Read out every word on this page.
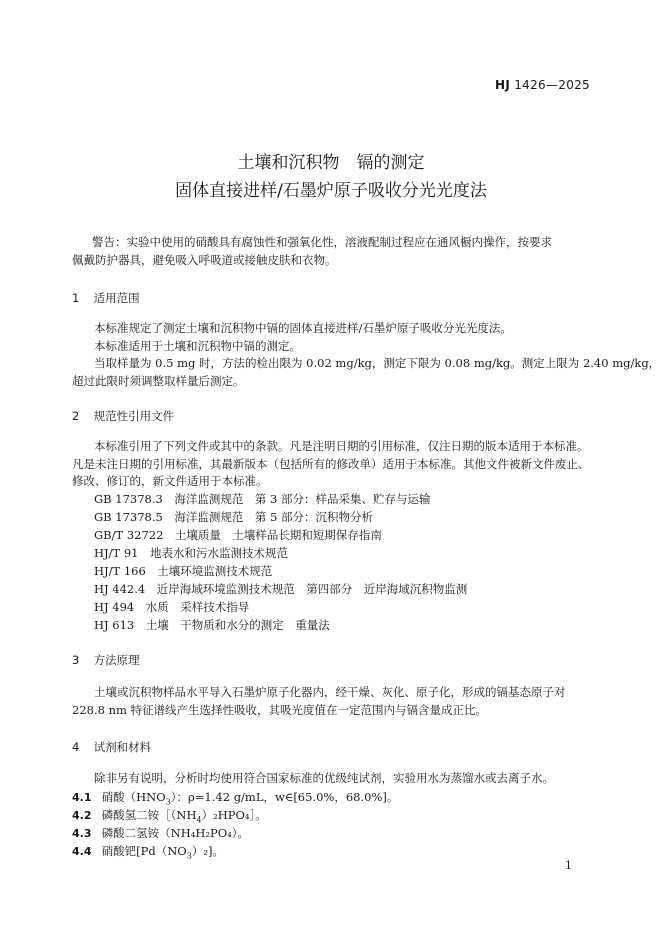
HJ 1426—2025
土壤和沉积物　镉的测定
固体直接进样/石墨炉原子吸收分光光度法
警告：实验中使用的硝酸具有腐蚀性和强氧化性，溶液配制过程应在通风橱内操作，按要求
佩戴防护器具，避免吸入呼吸道或接触皮肤和衣物。
1 适用范围
本标准规定了测定土壤和沉积物中镉的固体直接进样/石墨炉原子吸收分光光度法。
本标准适用于土壤和沉积物中镉的测定。
当取样量为 0.5 mg 时，方法的检出限为 0.02 mg/kg，测定下限为 0.08 mg/kg。测定上限为 2.40 mg/kg，
超过此限时须调整取样量后测定。
2 规范性引用文件
本标准引用了下列文件或其中的条款。凡是注明日期的引用标准，仅注日期的版本适用于本标准。
凡是未注日期的引用标准，其最新版本（包括所有的修改单）适用于本标准。其他文件被新文件废止、
修改、修订的，新文件适用于本标准。
GB 17378.3　海洋监测规范　第 3 部分：样品采集、贮存与运输
GB 17378.5　海洋监测规范　第 5 部分：沉积物分析
GB/T 32722　土壤质量　土壤样品长期和短期保存指南
HJ/T 91　地表水和污水监测技术规范
HJ/T 166　土壤环境监测技术规范
HJ 442.4　近岸海域环境监测技术规范　第四部分　近岸海域沉积物监测
HJ 494　水质　采样技术指导
HJ 613　土壤　干物质和水分的测定　重量法
3 方法原理
土壤或沉积物样品水平导入石墨炉原子化器内，经干燥、灰化、原子化，形成的镉基态原子对
228.8 nm 特征谱线产生选择性吸收，其吸光度值在一定范围内与镉含量成正比。
4 试剂和材料
除非另有说明，分析时均使用符合国家标准的优级纯试剂，实验用水为蒸馏水或去离子水。
4.1 硝酸$(HNO_3)$：ρ=1.42 g/mL，w∈[65.0%，68.0%]。
4.2 磷酸氢二铵$[(NH_4)_2HPO_4]$。
4.3 磷酸二氢铵（NH₄H₂PO₄）。
4.4 硝酸钯$[Pd(NO_3)_2]$。
1
